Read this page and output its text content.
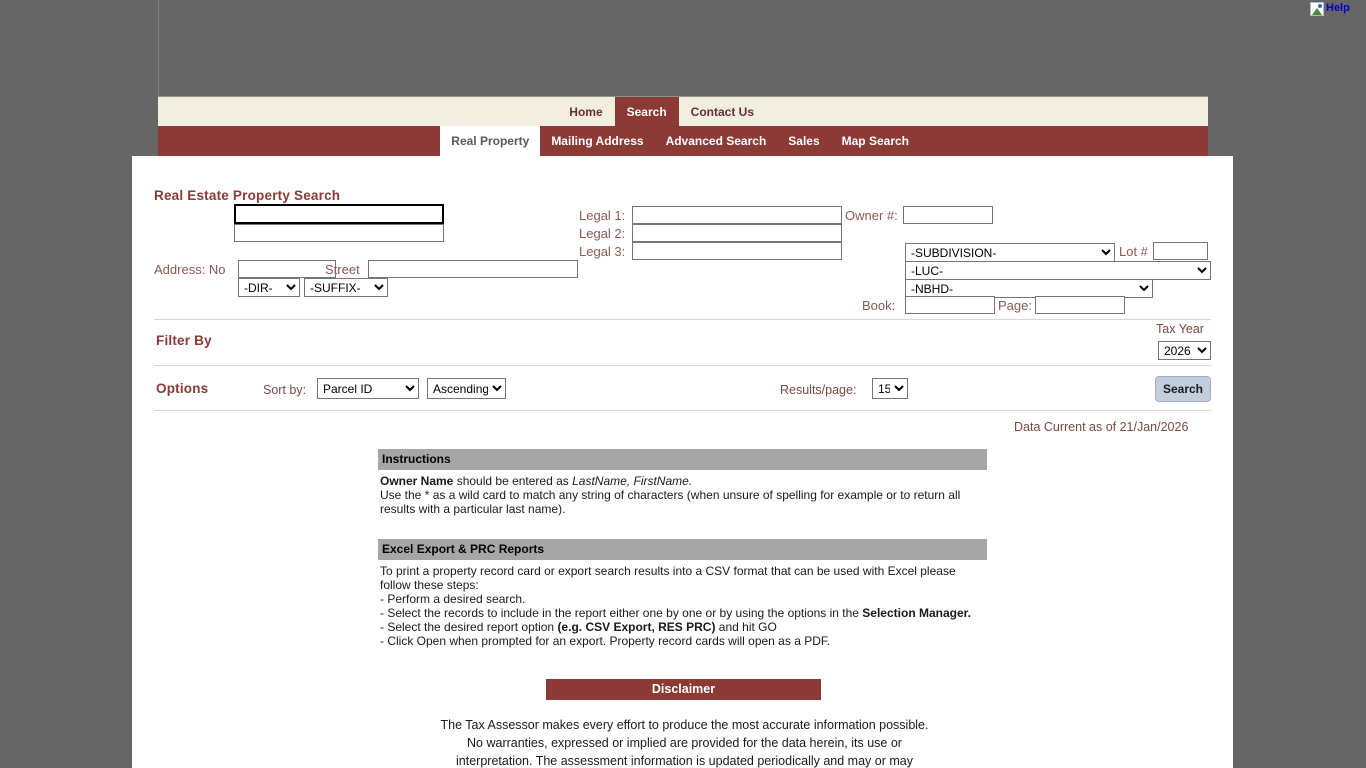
Help
Home	Search	Contact Us
Real Property	Mailing Address	Advanced Search	Sales	Map Search
Real Estate Property Search
Address: No	Street
-DIR-
-SUFFIX-
Legal 1:
Legal 2:
Legal 3:
Owner #:
-SUBDIVISION-
Lot #
-LUC-
-NBHD-
Book:	Page:
Filter By
Tax Year
2026
Options	Sort by:
Parcel ID
Ascending	Results/page:
15	Search
Data Current as of 21/Jan/2026
Instructions
Owner Name should be entered as LastName, FirstName.
Use the * as a wild card to match any string of characters (when unsure of spelling for example or to return all results with a particular last name).
Excel Export & PRC Reports
To print a property record card or export search results into a CSV format that can be used with Excel please follow these steps:
- Perform a desired search.
- Select the records to include in the report either one by one or by using the options in the Selection Manager.
- Select the desired report option (e.g. CSV Export, RES PRC) and hit GO
- Click Open when prompted for an export. Property record cards will open as a PDF.
Disclaimer

The Tax Assessor makes every effort to produce the most accurate information possible. No warranties, expressed or implied are provided for the data herein, its use or interpretation. The assessment information is updated periodically and may or may
